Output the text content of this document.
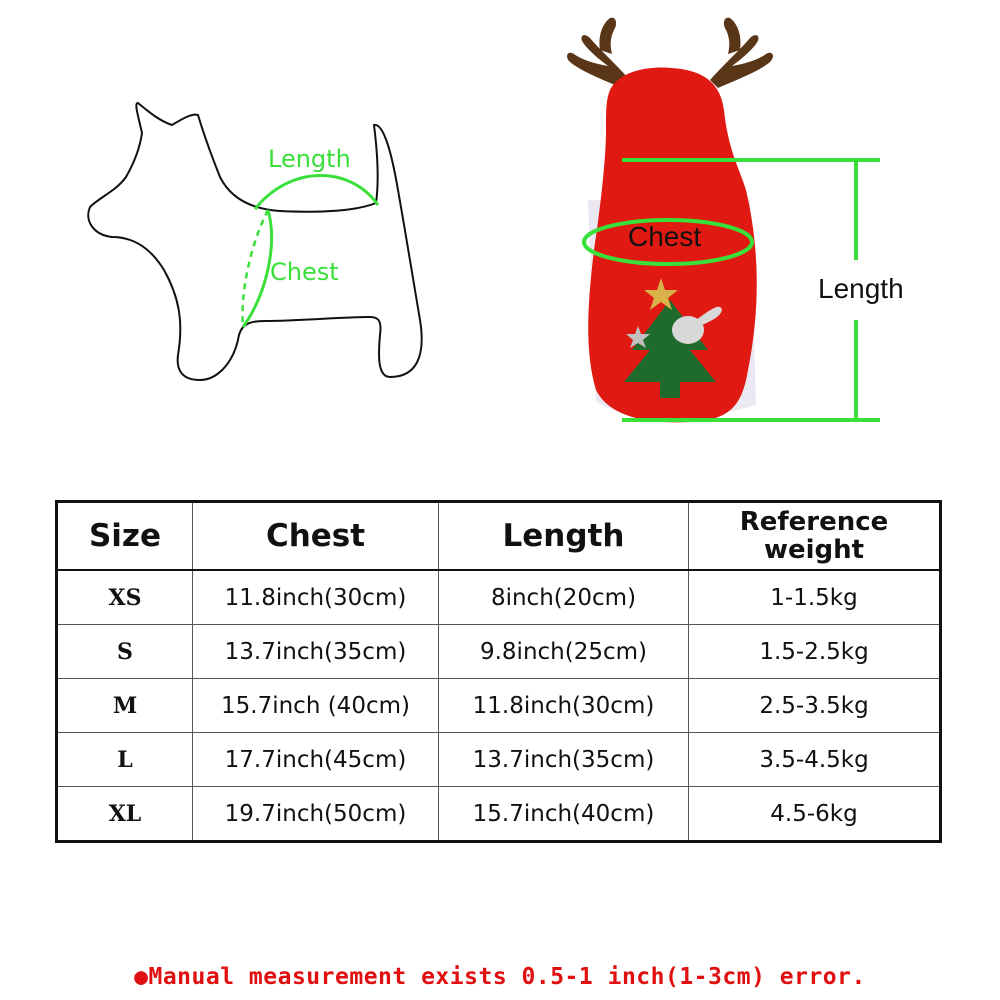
Length
Chest
Chest
Length
Size	Chest	Length	Reference
weight
XS	11.8inch(30cm)	8inch(20cm)	1-1.5kg
S	13.7inch(35cm)	9.8inch(25cm)	1.5-2.5kg
M	15.7inch (40cm)	11.8inch(30cm)	2.5-3.5kg
L	17.7inch(45cm)	13.7inch(35cm)	3.5-4.5kg
XL	19.7inch(50cm)	15.7inch(40cm)	4.5-6kg
●Manual measurement exists 0.5-1 inch(1-3cm) error.
